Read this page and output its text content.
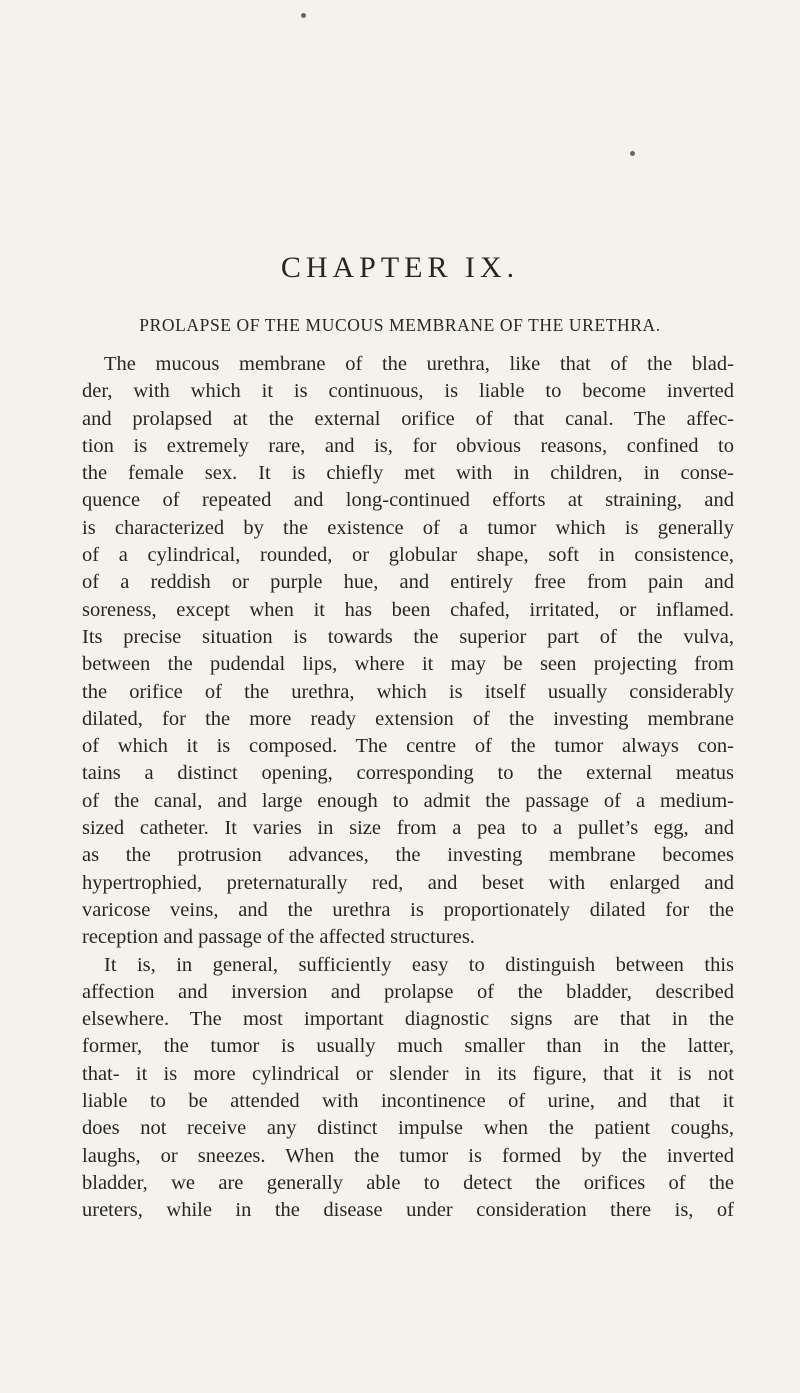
CHAPTER IX.
PROLAPSE OF THE MUCOUS MEMBRANE OF THE URETHRA.
The mucous membrane of the urethra, like that of the blad-
der, with which it is continuous, is liable to become inverted
and prolapsed at the external orifice of that canal. The affec-
tion is extremely rare, and is, for obvious reasons, confined to
the female sex. It is chiefly met with in children, in conse-
quence of repeated and long-continued efforts at straining, and
is characterized by the existence of a tumor which is generally
of a cylindrical, rounded, or globular shape, soft in consistence,
of a reddish or purple hue, and entirely free from pain and
soreness, except when it has been chafed, irritated, or inflamed.
Its precise situation is towards the superior part of the vulva,
between the pudendal lips, where it may be seen projecting from
the orifice of the urethra, which is itself usually considerably
dilated, for the more ready extension of the investing membrane
of which it is composed. The centre of the tumor always con-
tains a distinct opening, corresponding to the external meatus
of the canal, and large enough to admit the passage of a medium-
sized catheter. It varies in size from a pea to a pullet’s egg, and
as the protrusion advances, the investing membrane becomes
hypertrophied, preternaturally red, and beset with enlarged and
varicose veins, and the urethra is proportionately dilated for the
reception and passage of the affected structures.
It is, in general, sufficiently easy to distinguish between this
affection and inversion and prolapse of the bladder, described
elsewhere. The most important diagnostic signs are that in the
former, the tumor is usually much smaller than in the latter,
that‐ it is more cylindrical or slender in its figure, that it is not
liable to be attended with incontinence of urine, and that it
does not receive any distinct impulse when the patient coughs,
laughs, or sneezes. When the tumor is formed by the inverted
bladder, we are generally able to detect the orifices of the
ureters, while in the disease under consideration there is, of
